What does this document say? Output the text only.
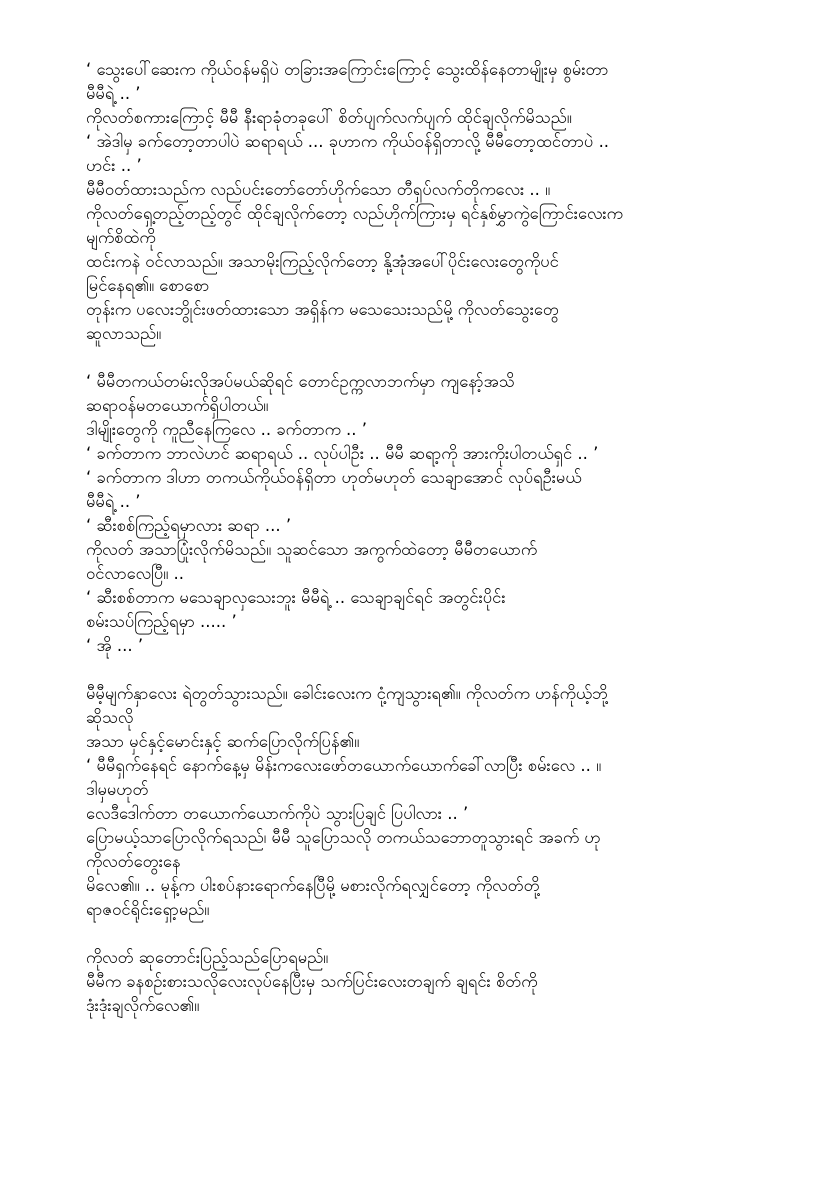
‘ သွေးပေါ်ဆေးက ကိုယ်ဝန်မရှိပဲ တခြားအကြောင်းကြောင့် သွေးထိန်နေတာမျိုးမှ စွမ်းတာ
မီမီရဲ့ .. ’
ကိုလတ်စကားကြောင့် မီမီ နီးရာခုံတခုပေါ် စိတ်ပျက်လက်ပျက် ထိုင်ချလိုက်မိသည်။
‘ အဲဒါမှ ခက်တော့တာပါပဲ ဆရာရယ် ... ခုဟာက ကိုယ်ဝန်ရှိတာလို့ မီမီတော့ထင်တာပဲ ..
ဟင်း .. ’
မီမီဝတ်ထားသည်က လည်ပင်းတော်တော်ဟိုက်သော တီရှပ်လက်တိုကလေး .. ။
ကိုလတ်ရှေ့တည့်တည့်တွင် ထိုင်ချလိုက်တော့ လည်ဟိုက်ကြားမှ ရင်နှစ်မွှာကွဲကြောင်းလေးက
မျက်စိထဲကို
ထင်းကနဲ ဝင်လာသည်။ အသာမိုးကြည့်လိုက်တော့ နို့အုံအပေါ်ပိုင်းလေးတွေကိုပင်
မြင်နေရ၏။ စောစော
တုန်းက ပလေးဘွိုင်းဖတ်ထားသော အရှိန်က မသေသေးသည်မို့ ကိုလတ်သွေးတွေ
ဆူလာသည်။
‘ မီမီတကယ်တမ်းလိုအပ်မယ်ဆိုရင် တောင်ဥက္ကလာဘက်မှာ ကျနော့်အသိ
ဆရာဝန်မတယောက်ရှိပါတယ်။
ဒါမျိုးတွေကို ကူညီနေကြလေ .. ခက်တာက .. ’
‘ ခက်တာက ဘာလဲဟင် ဆရာရယ် .. လုပ်ပါဦး .. မီမီ ဆရာ့ကို အားကိုးပါတယ်ရှင် .. ’
‘ ခက်တာက ဒါဟာ တကယ်ကိုယ်ဝန်ရှိတာ ဟုတ်မဟုတ် သေချာအောင် လုပ်ရဦးမယ်
မီမီရဲ့ .. ’
‘ ဆီးစစ်ကြည့်ရမှာလား ဆရာ ... ’
ကိုလတ် အသာပြုံးလိုက်မိသည်။ သူဆင်သော အကွက်ထဲတော့ မီမီတယောက်
ဝင်လာလေပြီ။ ..
‘ ဆီးစစ်တာက မသေချာလှသေးဘူး မီမီရဲ့ .. သေချာချင်ရင် အတွင်းပိုင်း
စမ်းသပ်ကြည့်ရမှာ ..... ’
‘ အို ... ’
မီမီ့မျက်နှာလေး ရဲတွတ်သွားသည်။ ခေါင်းလေးက ငုံ့ကျသွားရ၏။ ကိုလတ်က ဟန်ကိုယ့်ဘို့
ဆိုသလို
အသာ မှင်နှင့်မောင်းနှင့် ဆက်ပြောလိုက်ပြန်၏။
‘ မီမီရှက်နေရင် နောက်နေ့မှ မိန်းကလေးဖော်တယောက်ယောက်ခေါ်လာပြီး စမ်းလေ .. ။
ဒါမှမဟုတ်
လေဒီဒေါက်တာ တယောက်ယောက်ကိုပဲ သွားပြချင် ပြပါလား .. ’
ပြောမယ့်သာပြောလိုက်ရသည်၊ မီမီ သူပြောသလို တကယ်သဘောတူသွားရင် အခက် ဟု
ကိုလတ်တွေးနေ
မိလေ၏။ .. မုန့်က ပါးစပ်နားရောက်နေပြီမို့ မစားလိုက်ရလျှင်တော့ ကိုလတ်တို့
ရာဇဝင်ရိုင်းရှော့မည်။
ကိုလတ် ဆုတောင်းပြည့်သည်ပြောရမည်။
မီမီက ခနစဉ်းစားသလိုလေးလုပ်နေပြီးမှ သက်ပြင်းလေးတချက် ချရင်း စိတ်ကို
ဒုံးဒုံးချလိုက်လေ၏။
